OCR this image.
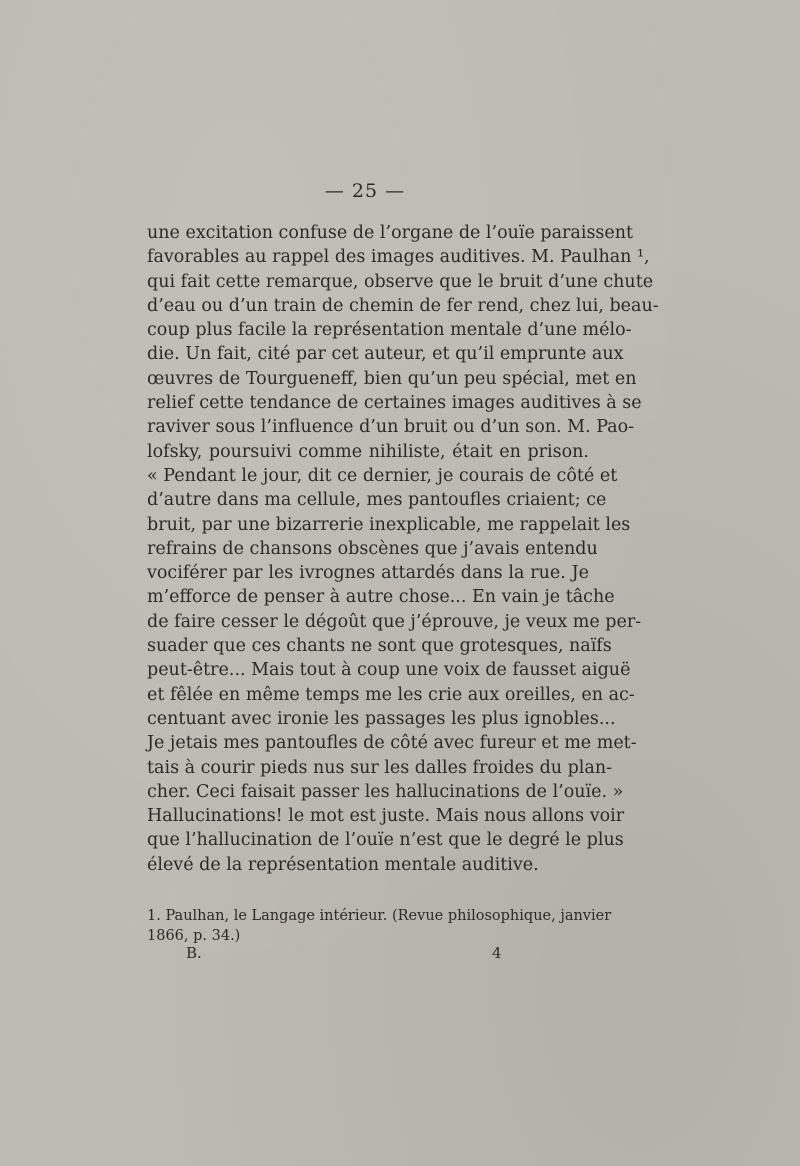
— 25 —
une excitation confuse de l’organe de l’ouïe paraissent
favorables au rappel des images auditives. M. Paulhan ¹,
qui fait cette remarque, observe que le bruit d’une chute
d’eau ou d’un train de chemin de fer rend, chez lui, beau-
coup plus facile la représentation mentale d’une mélo-
die. Un fait, cité par cet auteur, et qu’il emprunte aux
œuvres de Tourgueneff, bien qu’un peu spécial, met en
relief cette tendance de certaines images auditives à se
raviver sous l’influence d’un bruit ou d’un son. M. Pao-
lofsky, poursuivi comme nihiliste, était en prison.
« Pendant le jour, dit ce dernier, je courais de côté et
d’autre dans ma cellule, mes pantoufles criaient; ce
bruit, par une bizarrerie inexplicable, me rappelait les
refrains de chansons obscènes que j’avais entendu
vociférer par les ivrognes attardés dans la rue. Je
m’efforce de penser à autre chose... En vain je tâche
de faire cesser le dégoût que j’éprouve, je veux me per-
suader que ces chants ne sont que grotesques, naïfs
peut-être... Mais tout à coup une voix de fausset aiguë
et fêlée en même temps me les crie aux oreilles, en ac-
centuant avec ironie les passages les plus ignobles...
Je jetais mes pantoufles de côté avec fureur et me met-
tais à courir pieds nus sur les dalles froides du plan-
cher. Ceci faisait passer les hallucinations de l’ouïe. »
Hallucinations! le mot est juste. Mais nous allons voir
que l’hallucination de l’ouïe n’est que le degré le plus
élevé de la représentation mentale auditive.
1. Paulhan, le Langage intérieur. (Revue philosophique, janvier
1866, p. 34.)
B.	4
